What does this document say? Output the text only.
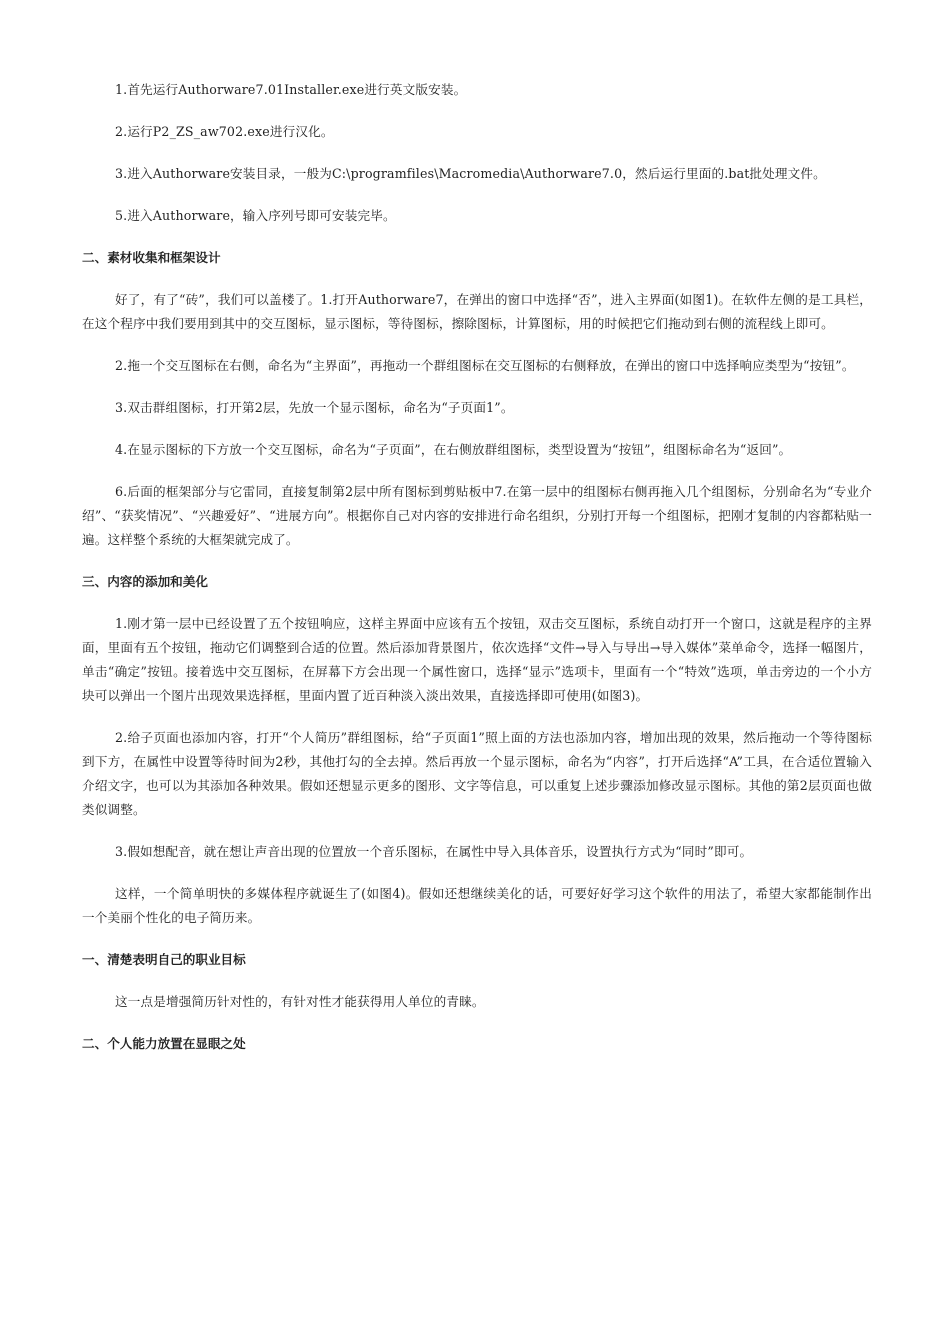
1.首先运行Authorware7.01Installer.exe进行英文版安装。

2.运行P2_ZS_aw702.exe进行汉化。

3.进入Authorware安装目录，一般为C:\programfiles\Macromedia\Authorware7.0，然后运行里面的.bat批处理文件。

5.进入Authorware，输入序列号即可安装完毕。

二、素材收集和框架设计

好了，有了“砖”，我们可以盖楼了。1.打开Authorware7，在弹出的窗口中选择“否”，进入主界面(如图1)。在软件左侧的是工具栏，在这个程序中我们要用到其中的交互图标，显示图标，等待图标，擦除图标，计算图标，用的时候把它们拖动到右侧的流程线上即可。

2.拖一个交互图标在右侧，命名为“主界面”，再拖动一个群组图标在交互图标的右侧释放，在弹出的窗口中选择响应类型为“按钮”。

3.双击群组图标，打开第2层，先放一个显示图标，命名为“子页面1”。

4.在显示图标的下方放一个交互图标，命名为“子页面”，在右侧放群组图标，类型设置为“按钮”，组图标命名为“返回”。

6.后面的框架部分与它雷同，直接复制第2层中所有图标到剪贴板中7.在第一层中的组图标右侧再拖入几个组图标，分别命名为“专业介绍”、“获奖情况”、“兴趣爱好”、“进展方向”。根据你自己对内容的安排进行命名组织，分别打开每一个组图标，把刚才复制的内容都粘贴一遍。这样整个系统的大框架就完成了。

三、内容的添加和美化

1.刚才第一层中已经设置了五个按钮响应，这样主界面中应该有五个按钮，双击交互图标，系统自动打开一个窗口，这就是程序的主界面，里面有五个按钮，拖动它们调整到合适的位置。然后添加背景图片，依次选择“文件→导入与导出→导入媒体”菜单命令，选择一幅图片，单击“确定”按钮。接着选中交互图标，在屏幕下方会出现一个属性窗口，选择“显示”选项卡，里面有一个“特效”选项，单击旁边的一个小方块可以弹出一个图片出现效果选择框，里面内置了近百种淡入淡出效果，直接选择即可使用(如图3)。

2.给子页面也添加内容，打开“个人简历”群组图标，给“子页面1”照上面的方法也添加内容，增加出现的效果，然后拖动一个等待图标到下方，在属性中设置等待时间为2秒，其他打勾的全去掉。然后再放一个显示图标，命名为“内容”，打开后选择“A”工具，在合适位置输入介绍文字，也可以为其添加各种效果。假如还想显示更多的图形、文字等信息，可以重复上述步骤添加修改显示图标。其他的第2层页面也做类似调整。

3.假如想配音，就在想让声音出现的位置放一个音乐图标，在属性中导入具体音乐，设置执行方式为“同时”即可。

这样，一个简单明快的多媒体程序就诞生了(如图4)。假如还想继续美化的话，可要好好学习这个软件的用法了，希望大家都能制作出一个美丽个性化的电子简历来。

一、清楚表明自己的职业目标

这一点是增强简历针对性的，有针对性才能获得用人单位的青睐。

二、个人能力放置在显眼之处
